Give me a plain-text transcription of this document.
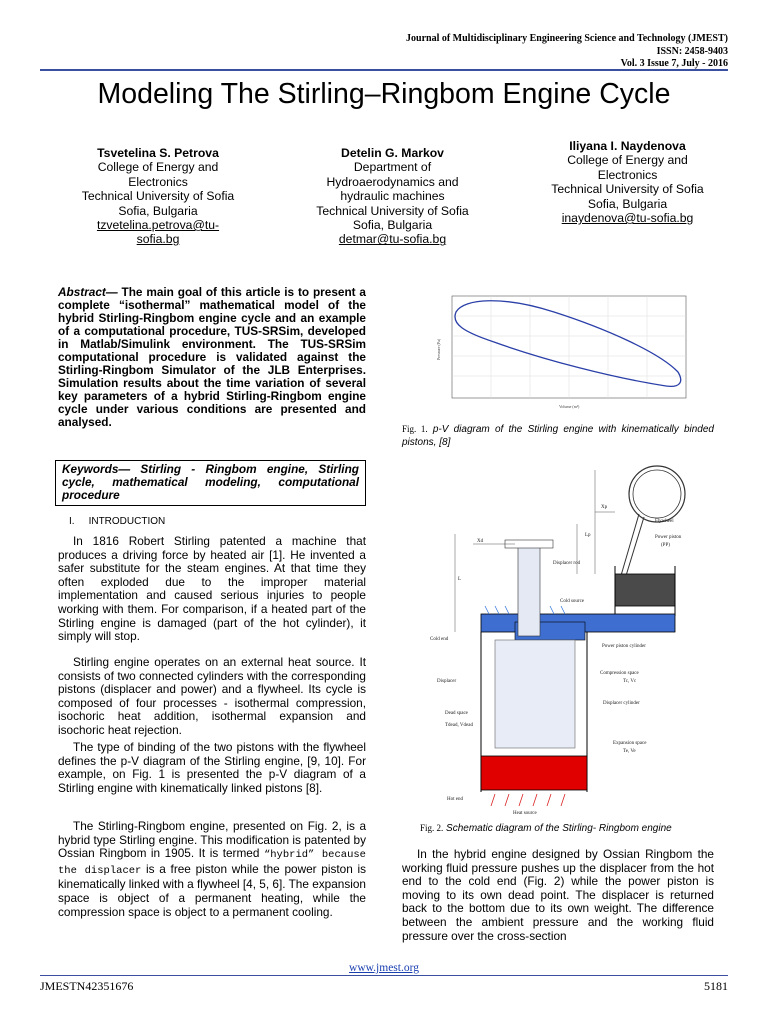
Journal of Multidisciplinary Engineering Science and Technology (JMEST)
ISSN: 2458-9403
Vol. 3 Issue 7, July - 2016
Modeling The Stirling–Ringbom Engine Cycle
Tsvetelina S. Petrova
College of Energy and
Electronics
Technical University of Sofia
Sofia, Bulgaria
tzvetelina.petrova@tu-
sofia.bg
Detelin G. Markov
Department of
Hydroaerodynamics and
hydraulic machines
Technical University of Sofia
Sofia, Bulgaria
detmar@tu-sofia.bg
Iliyana I. Naydenova
College of Energy and
Electronics
Technical University of Sofia
Sofia, Bulgaria
inaydenova@tu-sofia.bg
Abstract— The main goal of this article is to present a complete “isothermal” mathematical model of the hybrid Stirling-Ringbom engine cycle and an example of a computational procedure, TUS-SRSim, developed in Matlab/Simulink environment. The TUS-SRSim computational procedure is validated against the Stirling-Ringbom Simulator of the JLB Enterprises. Simulation results about the time variation of several key parameters of a hybrid Stirling-Ringbom engine cycle under various conditions are presented and analysed.
Keywords— Stirling - Ringbom engine, Stirling cycle, mathematical modeling, computational procedure
I. INTRODUCTION
In 1816 Robert Stirling patented a machine that produces a driving force by heated air [1]. He invented a safer substitute for the steam engines. At that time they often exploded due to the improper material implementation and caused serious injuries to people working with them. For comparison, if a heated part of the Stirling engine is damaged (part of the hot cylinder), it simply will stop.
Stirling engine operates on an external heat source. It consists of two connected cylinders with the corresponding pistons (displacer and power) and a flywheel. Its cycle is composed of four processes - isothermal compression, isochoric heat addition, isothermal expansion and isochoric heat rejection.
The type of binding of the two pistons with the flywheel defines the p-V diagram of the Stirling engine, [9, 10]. For example, on Fig. 1 is presented the p-V diagram of a Stirling engine with kinematically linked pistons [8].
The Stirling-Ringbom engine, presented on Fig. 2, is a hybrid type Stirling engine. This modification is patented by Ossian Ringbom in 1905. It is termed “hybrid” because the displacer is a free piston while the power piston is kinematically linked with a flywheel [4, 5, 6]. The expansion space is object of a permanent heating, while the compression space is object to a permanent cooling.
Pressure (Pa)
Volume (m³)
Fig. 1. p-V diagram of the Stirling engine with kinematically binded pistons, [8]
Flywheel
Power piston
(PP)
Displacer rod
Cold source
Cold end
Power piston cylinder
Compression space
Tc, Vc
Displacer
Displacer cylinder
Dead space
Tdead, Vdead
Expansion space
Te, Ve
Hot end
Heat source
Xp
Xd
Lp
L
Fig. 2. Schematic diagram of the Stirling- Ringbom engine
In the hybrid engine designed by Ossian Ringbom the working fluid pressure pushes up the displacer from the hot end to the cold end (Fig. 2) while the power piston is moving to its own dead point. The displacer is returned back to the bottom due to its own weight. The difference between the ambient pressure and the working fluid pressure over the cross-section
www.jmest.org
JMESTN42351676	5181
